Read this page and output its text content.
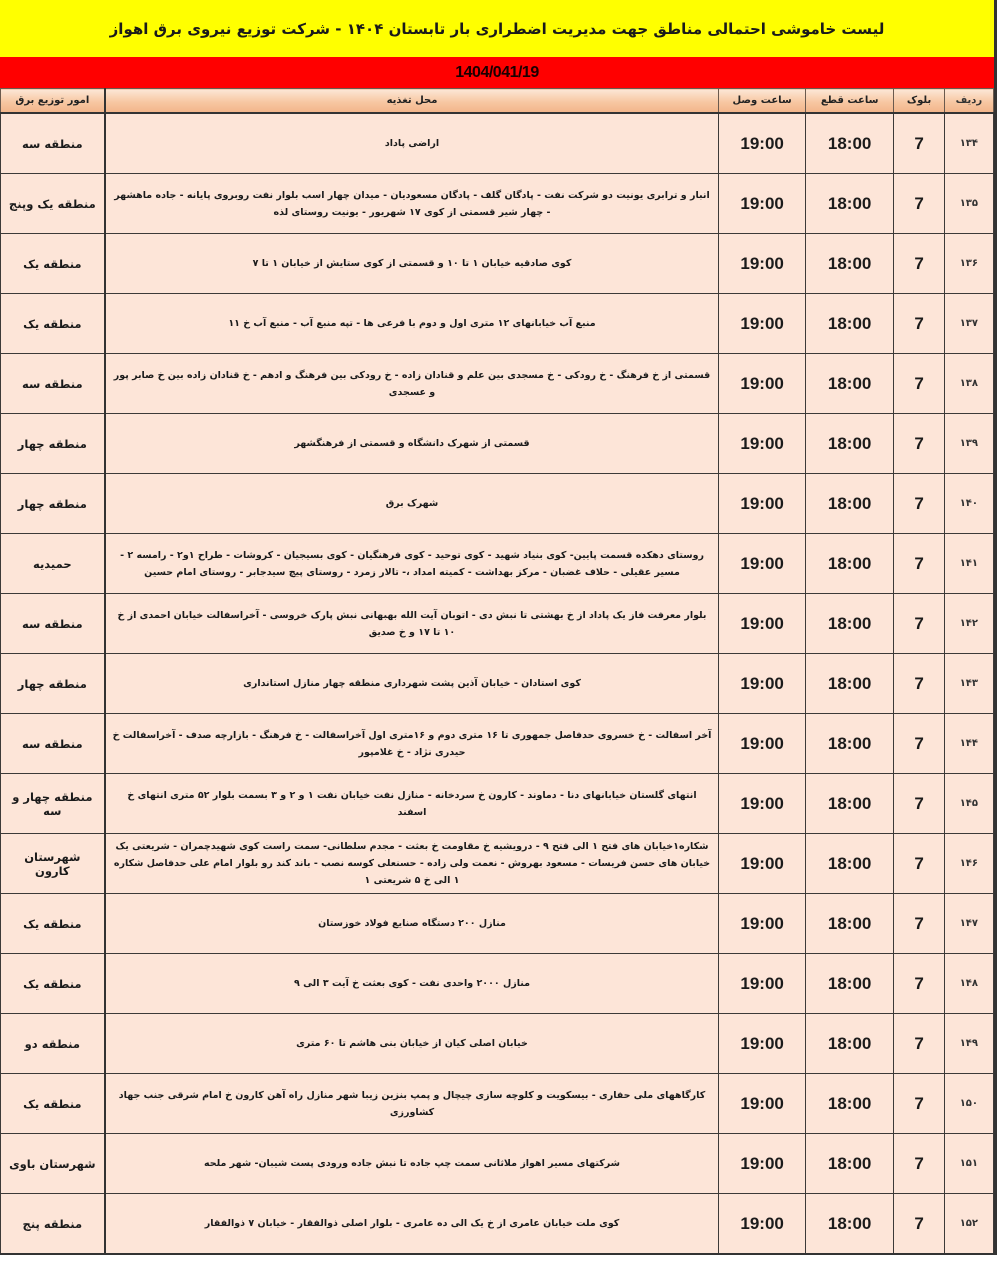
لیست خاموشی احتمالی مناطق جهت مدیریت اضطراری بار تابستان ۱۴۰۴ - شرکت توزیع نیروی برق اهواز
1404/041/19
ردیف	بلوک	ساعت قطع	ساعت وصل	محل تغذیه	امور توزیع برق
۱۳۴	7	18:00	19:00	اراضی پاداد	منطقه سه
۱۳۵	7	18:00	19:00	انبار و ترابری یونیت دو شرکت نفت - پادگان گلف - پادگان مسعودیان - میدان چهار اسب بلوار نفت روبروی پایانه - جاده ماهشهر - چهار شیر قسمتی از کوی ۱۷ شهریور - یونیت روستای لذه	منطقه یک وپنج
۱۳۶	7	18:00	19:00	کوی صادقیه خیابان ۱ تا ۱۰ و قسمتی از کوی ستایش از خیابان ۱ تا ۷	منطقه یک
۱۳۷	7	18:00	19:00	منبع آب خیابانهای ۱۲ متری اول و دوم با فرعی ها - تپه منبع آب - منبع آب خ ۱۱	منطقه یک
۱۳۸	7	18:00	19:00	قسمتی از خ فرهنگ - خ رودکی - خ مسجدی بین علم و قنادان زاده - خ رودکی بین فرهنگ و ادهم - خ قنادان زاده بین خ صابر پور و عسجدی	منطقه سه
۱۳۹	7	18:00	19:00	قسمتی از شهرک دانشگاه و قسمتی از فرهنگشهر	منطقه چهار
۱۴۰	7	18:00	19:00	شهرک برق	منطقه چهار
۱۴۱	7	18:00	19:00	روستای دهکده قسمت پایین- کوی بنیاد شهید - کوی توحید - کوی فرهنگیان - کوی بسیجیان - کروشات - طراح ۱و۲ - رامسه ۲ - مسیر عقیلی - حلاف غضبان - مرکز بهداشت - کمیته امداد ،- تالار زمرد - روستای پیچ سیدجابر - روستای امام حسین	حمیدیه
۱۴۲	7	18:00	19:00	بلوار معرفت فاز یک پاداد از خ بهشتی تا نبش دی - اتوبان آیت الله بهبهانی نبش پارک خروسی - آخراسفالت خیابان احمدی از خ ۱۰ تا ۱۷ و خ صدیق	منطقه سه
۱۴۳	7	18:00	19:00	کوی استادان - خیابان آذین پشت شهرداری منطقه چهار منازل استانداری	منطقه چهار
۱۴۴	7	18:00	19:00	آخر اسفالت - خ خسروی حدفاصل جمهوری تا ۱۶ متری دوم و ۱۶متری اول آخراسفالت - خ فرهنگ - بازارچه صدف - آخراسفالت خ حیدری نژاد - خ غلامپور	منطقه سه
۱۴۵	7	18:00	19:00	انتهای گلستان خیابانهای دنا - دماوند - کارون خ سردخانه - منازل نفت خیابان نفت ۱ و ۲ و ۳ بسمت بلوار ۵۲ متری انتهای خ اسفند	منطقه چهار و سه
۱۴۶	7	18:00	19:00	شکاره۱خیابان های فتح ۱ الی فتح ۹ - درویشیه خ مقاومت خ بعثت - مجدم سلطانی- سمت راست کوی شهیدچمران - شریعتی یک خیابان های حسن فریسات - مسعود بهروش - نعمت ولی زاده - حسنعلی کوسه نصب - باند کند رو بلوار امام علی حدفاصل شکاره ۱ الی خ ۵ شریعتی ۱	شهرستان کارون
۱۴۷	7	18:00	19:00	منازل ۲۰۰ دستگاه صنایع فولاد خوزستان	منطقه یک
۱۴۸	7	18:00	19:00	منازل ۲۰۰۰ واحدی نفت - کوی بعثت خ آیت ۳ الی ۹	منطقه یک
۱۴۹	7	18:00	19:00	خیابان اصلی کیان از خیابان بنی هاشم تا ۶۰ متری	منطقه دو
۱۵۰	7	18:00	19:00	کارگاههای ملی حفاری - بیسکویت و کلوچه سازی چیچال و پمپ بنزین زیبا شهر منازل راه آهن کارون خ امام شرقی جنب جهاد کشاورزی	منطقه یک
۱۵۱	7	18:00	19:00	شرکتهای مسیر اهواز ملاثانی سمت چپ جاده تا نبش جاده ورودی پست شیبان- شهر ملحه	شهرستان باوی
۱۵۲	7	18:00	19:00	کوی ملت خیابان عامری از خ یک الی ده عامری - بلوار اصلی ذوالفقار - خیابان ۷ ذوالفقار	منطقه پنج
